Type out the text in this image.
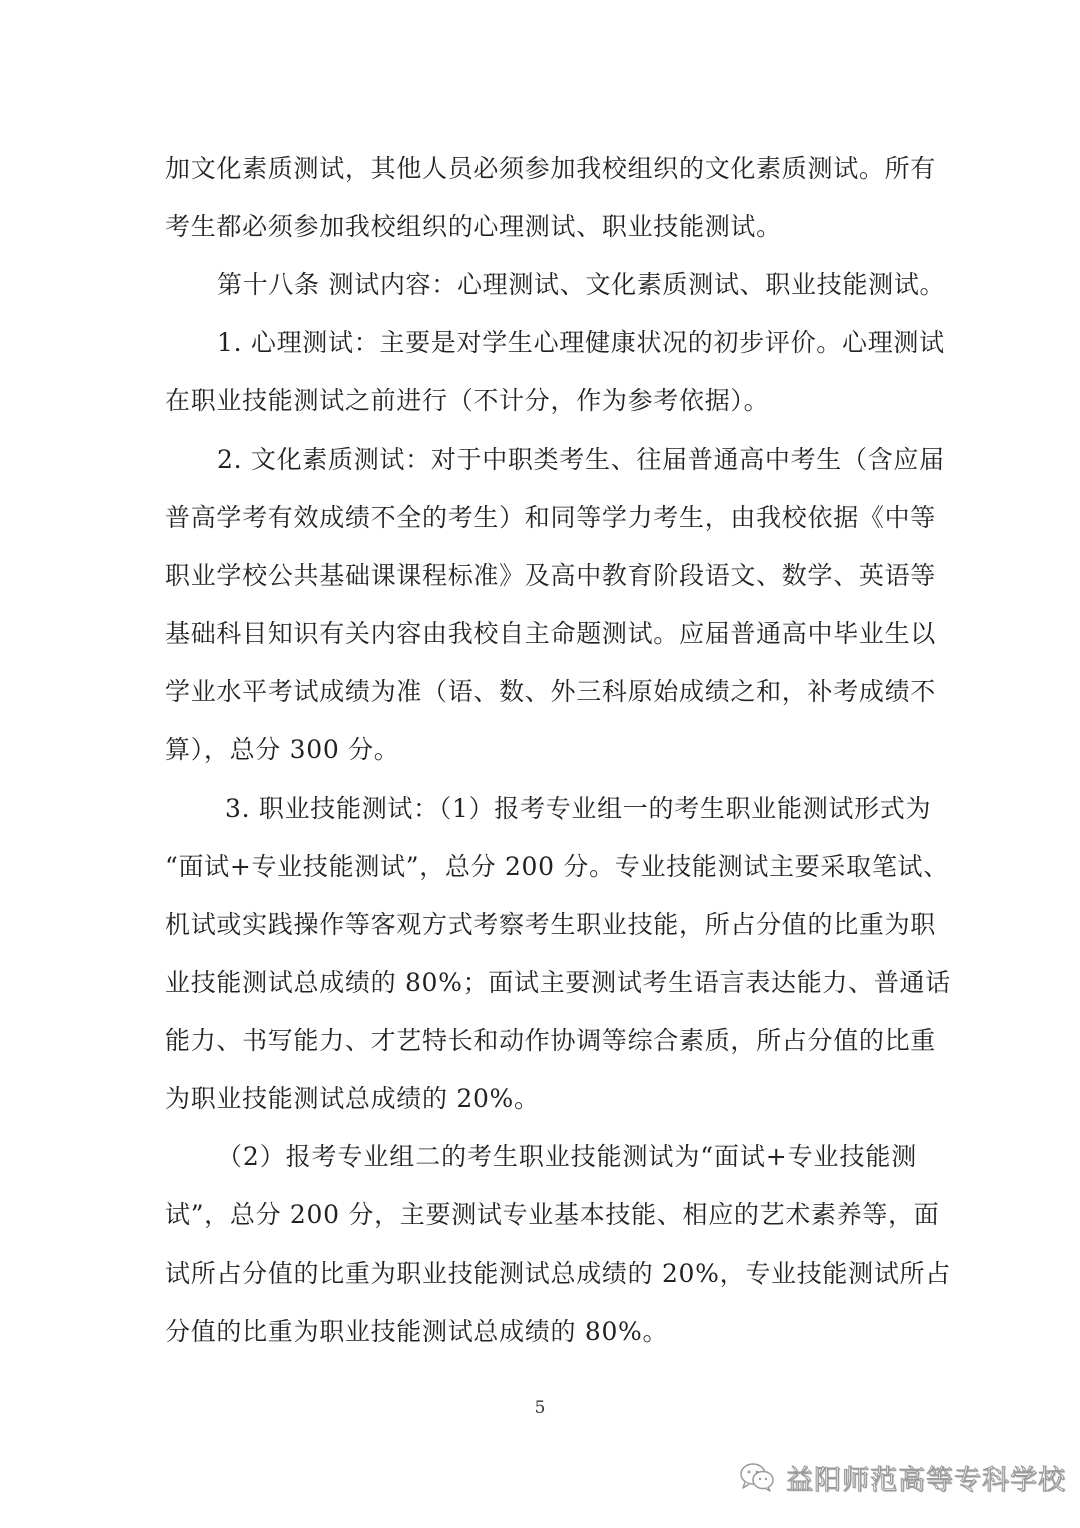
加文化素质测试，其他人员必须参加我校组织的文化素质测试。所有
考生都必须参加我校组织的心理测试、职业技能测试。
第十八条 测试内容：心理测试、文化素质测试、职业技能测试。
1. 心理测试：主要是对学生心理健康状况的初步评价。心理测试
在职业技能测试之前进行（不计分，作为参考依据）。
2. 文化素质测试：对于中职类考生、往届普通高中考生（含应届
普高学考有效成绩不全的考生）和同等学力考生，由我校依据《中等
职业学校公共基础课课程标准》及高中教育阶段语文、数学、英语等
基础科目知识有关内容由我校自主命题测试。应届普通高中毕业生以
学业水平考试成绩为准（语、数、外三科原始成绩之和，补考成绩不
算），总分 300 分。
3. 职业技能测试：（1）报考专业组一的考生职业能测试形式为
“面试+专业技能测试”，总分 200 分。专业技能测试主要采取笔试、
机试或实践操作等客观方式考察考生职业技能，所占分值的比重为职
业技能测试总成绩的 80%；面试主要测试考生语言表达能力、普通话
能力、书写能力、才艺特长和动作协调等综合素质，所占分值的比重
为职业技能测试总成绩的 20%。
（2）报考专业组二的考生职业技能测试为“面试+专业技能测
试”，总分 200 分，主要测试专业基本技能、相应的艺术素养等，面
试所占分值的比重为职业技能测试总成绩的 20%，专业技能测试所占
分值的比重为职业技能测试总成绩的 80%。
5
益阳师范高等专科学校
